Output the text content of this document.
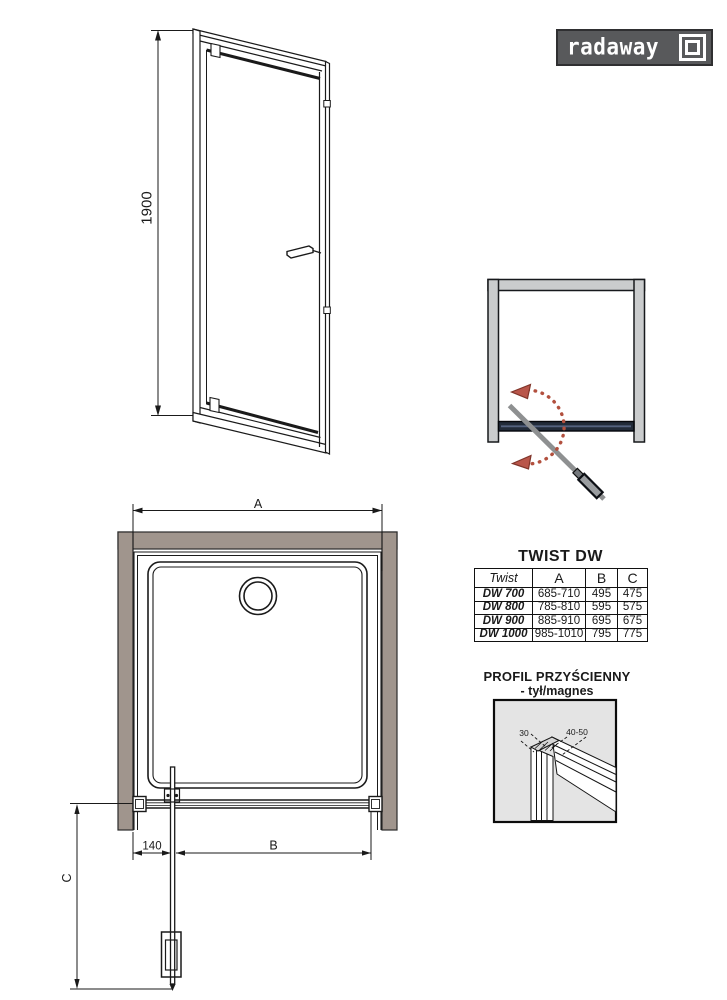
1900
A
140	B
C
30	40-50
radaway
TWIST DW
Twist	A	B	C
DW 700	685-710	495	475
DW 800	785-810	595	575
DW 900	885-910	695	675
DW 1000	985-1010	795	775
PROFIL PRZYŚCIENNY
- tył/magnes
